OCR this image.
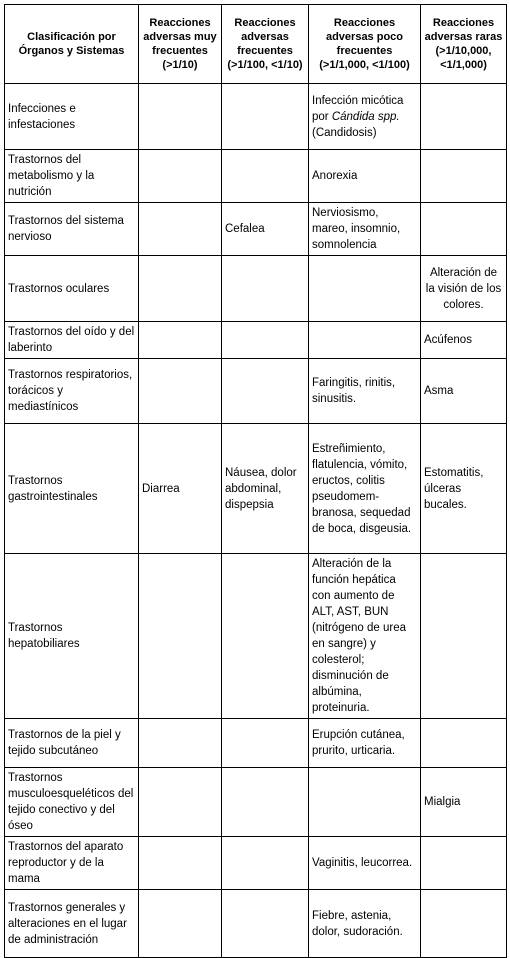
Clasificación por Órganos y Sistemas	Reacciones adversas muy frecuentes (>1/10)	Reacciones adversas frecuentes (>1/100, <1/10)	Reacciones adversas poco frecuentes (>1/1,000, <1/100)	Reacciones adversas raras (>1/10,000, <1/1,000)
Infecciones e infestaciones			Infección micótica por Cándida spp. (Candidosis)	
Trastornos del metabolismo y la nutrición			Anorexia	
Trastornos del sistema nervioso		Cefalea	Nerviosismo, mareo, insomnio, somnolencia	
Trastornos oculares				Alteración de la visión de los colores.
Trastornos del oído y del laberinto				Acúfenos
Trastornos respiratorios, torácicos y mediastínicos			Faringitis, rinitis, sinusitis.	Asma
Trastornos gastrointestinales	Diarrea	Náusea, dolor abdominal, dispepsia	Estreñimiento, flatulencia, vómito, eructos, colitis pseudomem-branosa, sequedad de boca, disgeusia.	Estomatitis, úlceras bucales.
Trastornos hepatobiliares			Alteración de la función hepática con aumento de ALT, AST, BUN (nitrógeno de urea en sangre) y colesterol; disminución de albúmina, proteinuria.	
Trastornos de la piel y tejido subcutáneo			Erupción cutánea, prurito, urticaria.	
Trastornos musculoesqueléticos del tejido conectivo y del óseo				Mialgia
Trastornos del aparato reproductor y de la mama			Vaginitis, leucorrea.	
Trastornos generales y alteraciones en el lugar de administración			Fiebre, astenia, dolor, sudoración.	
